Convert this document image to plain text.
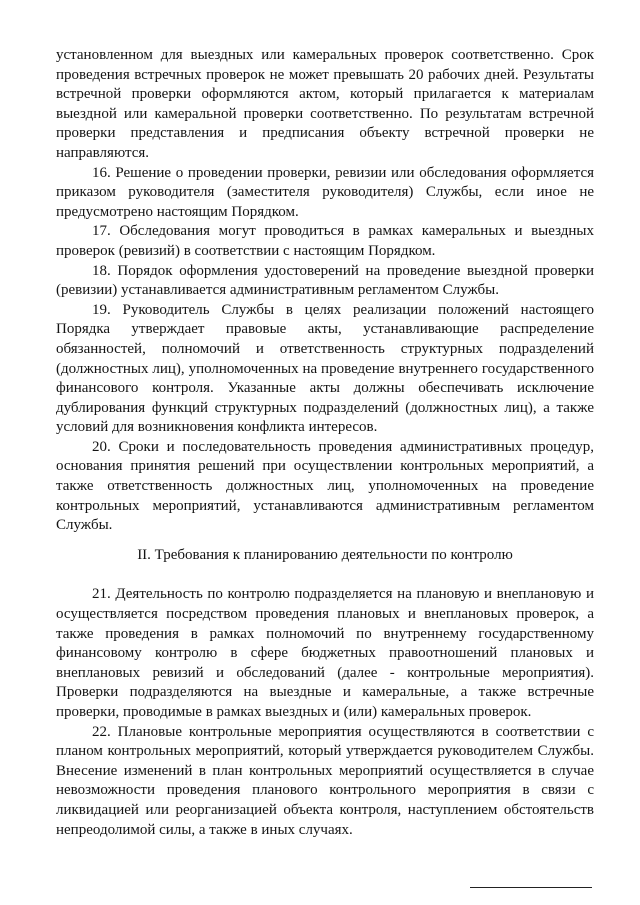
установленном для выездных или камеральных проверок соответственно. Срок проведения встречных проверок не может превышать 20 рабочих дней. Результаты встречной проверки оформляются актом, который прилагается к материалам выездной или камеральной проверки соответственно. По результатам встречной проверки представления и предписания объекту встречной проверки не направляются.

16. Решение о проведении проверки, ревизии или обследования оформляется приказом руководителя (заместителя руководителя) Службы, если иное не предусмотрено настоящим Порядком.

17. Обследования могут проводиться в рамках камеральных и выездных проверок (ревизий) в соответствии с настоящим Порядком.

18. Порядок оформления удостоверений на проведение выездной проверки (ревизии) устанавливается административным регламентом Службы.

19. Руководитель Службы в целях реализации положений настоящего Порядка утверждает правовые акты, устанавливающие распределение обязанностей, полномочий и ответственность структурных подразделений (должностных лиц), уполномоченных на проведение внутреннего государственного финансового контроля. Указанные акты должны обеспечивать исключение дублирования функций структурных подразделений (должностных лиц), а также условий для возникновения конфликта интересов.

20. Сроки и последовательность проведения административных процедур, основания принятия решений при осуществлении контрольных мероприятий, а также ответственность должностных лиц, уполномоченных на проведение контрольных мероприятий, устанавливаются административным регламентом Службы.

II. Требования к планированию деятельности по контролю

21. Деятельность по контролю подразделяется на плановую и внеплановую и осуществляется посредством проведения плановых и внеплановых проверок, а также проведения в рамках полномочий по внутреннему государственному финансовому контролю в сфере бюджетных правоотношений плановых и внеплановых ревизий и обследований (далее - контрольные мероприятия). Проверки подразделяются на выездные и камеральные, а также встречные проверки, проводимые в рамках выездных и (или) камеральных проверок.

22. Плановые контрольные мероприятия осуществляются в соответствии с планом контрольных мероприятий, который утверждается руководителем Службы. Внесение изменений в план контрольных мероприятий осуществляется в случае невозможности проведения планового контрольного мероприятия в связи с ликвидацией или реорганизацией объекта контроля, наступлением обстоятельств непреодолимой силы, а также в иных случаях.
